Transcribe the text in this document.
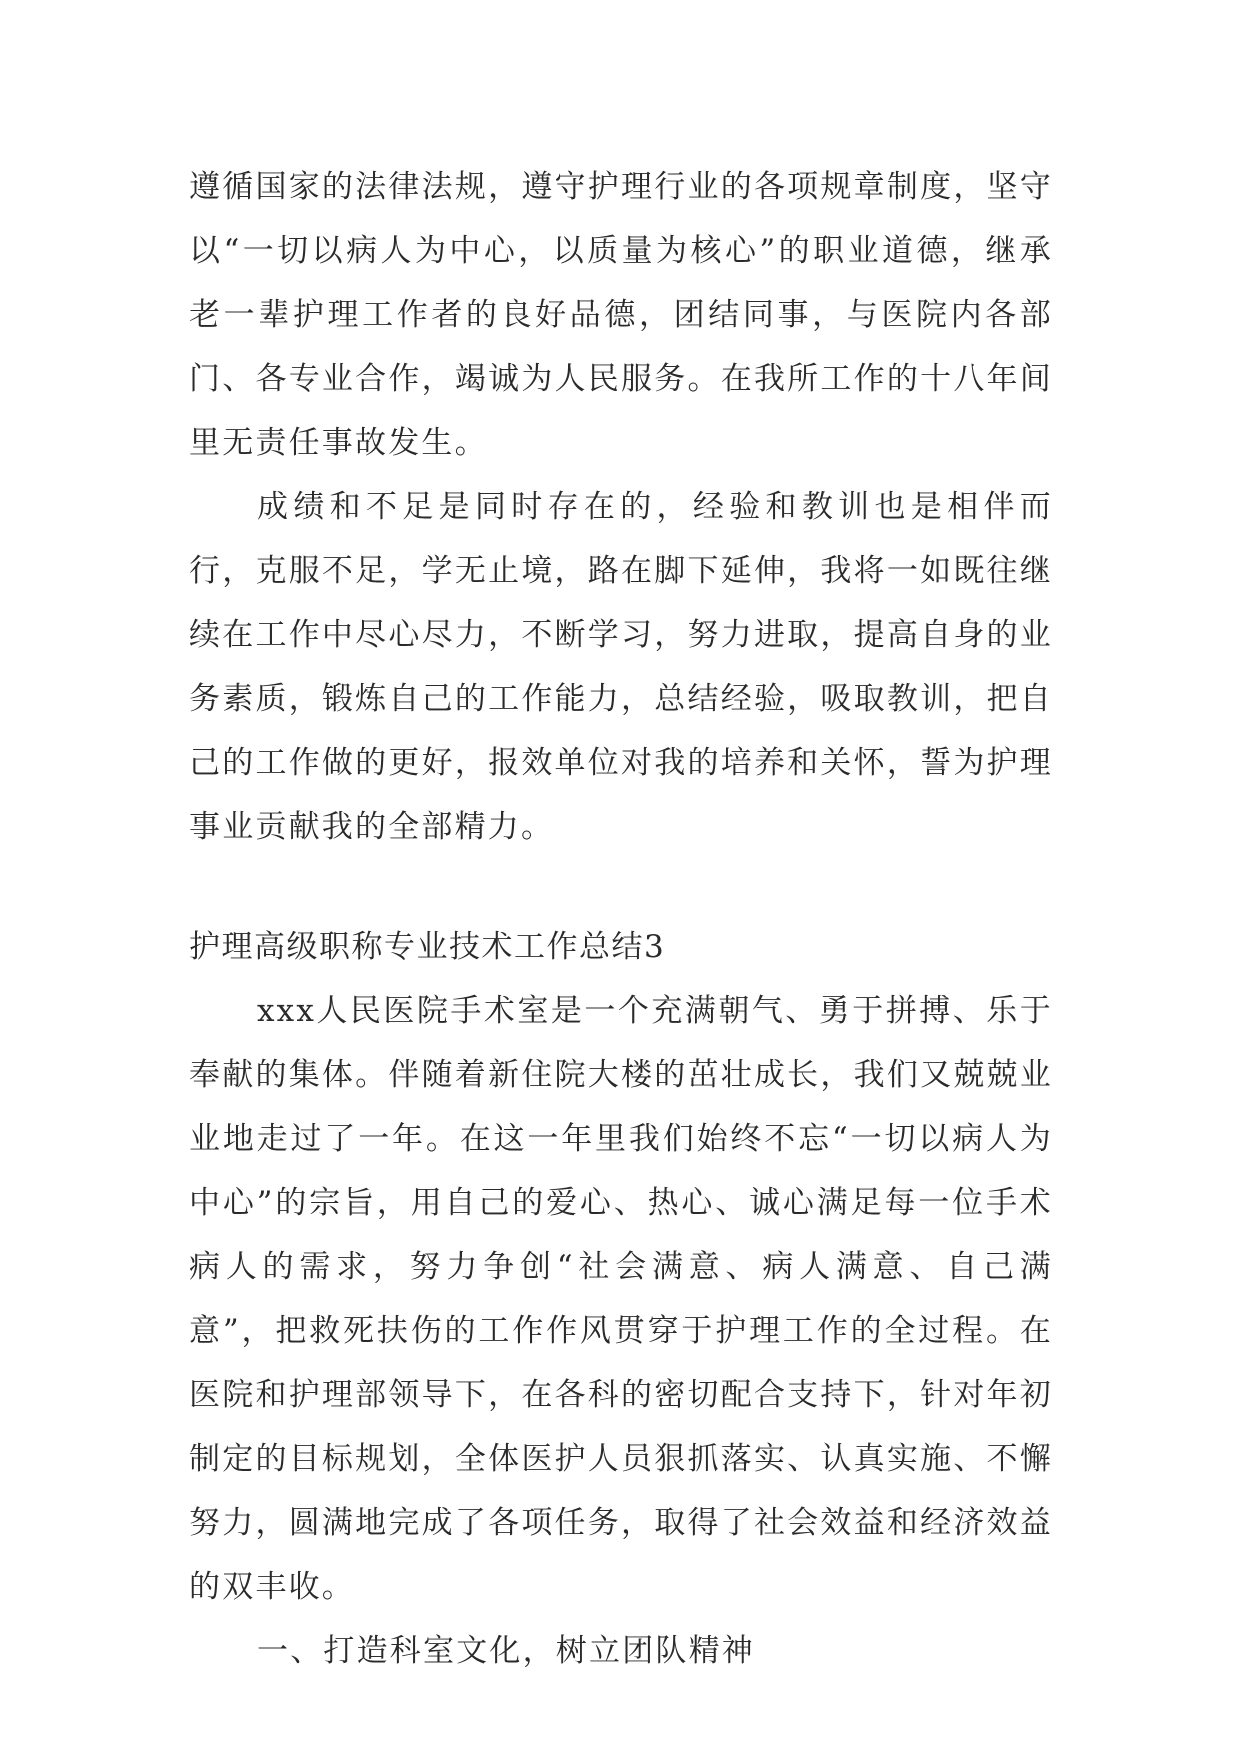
遵循国家的法律法规，遵守护理行业的各项规章制度，坚守以“一切以病人为中心，以质量为核心”的职业道德，继承老一辈护理工作者的良好品德，团结同事，与医院内各部门、各专业合作，竭诚为人民服务。在我所工作的十八年间里无责任事故发生。

成绩和不足是同时存在的，经验和教训也是相伴而行，克服不足，学无止境，路在脚下延伸，我将一如既往继续在工作中尽心尽力，不断学习，努力进取，提高自身的业务素质，锻炼自己的工作能力，总结经验，吸取教训，把自己的工作做的更好，报效单位对我的培养和关怀，誓为护理事业贡献我的全部精力。

护理高级职称专业技术工作总结3

xxx人民医院手术室是一个充满朝气、勇于拼搏、乐于奉献的集体。伴随着新住院大楼的茁壮成长，我们又兢兢业业地走过了一年。在这一年里我们始终不忘“一切以病人为中心”的宗旨，用自己的爱心、热心、诚心满足每一位手术病人的需求，努力争创“社会满意、病人满意、自己满意”，把救死扶伤的工作作风贯穿于护理工作的全过程。在医院和护理部领导下，在各科的密切配合支持下，针对年初制定的目标规划，全体医护人员狠抓落实、认真实施、不懈努力，圆满地完成了各项任务，取得了社会效益和经济效益的双丰收。

一、打造科室文化，树立团队精神
